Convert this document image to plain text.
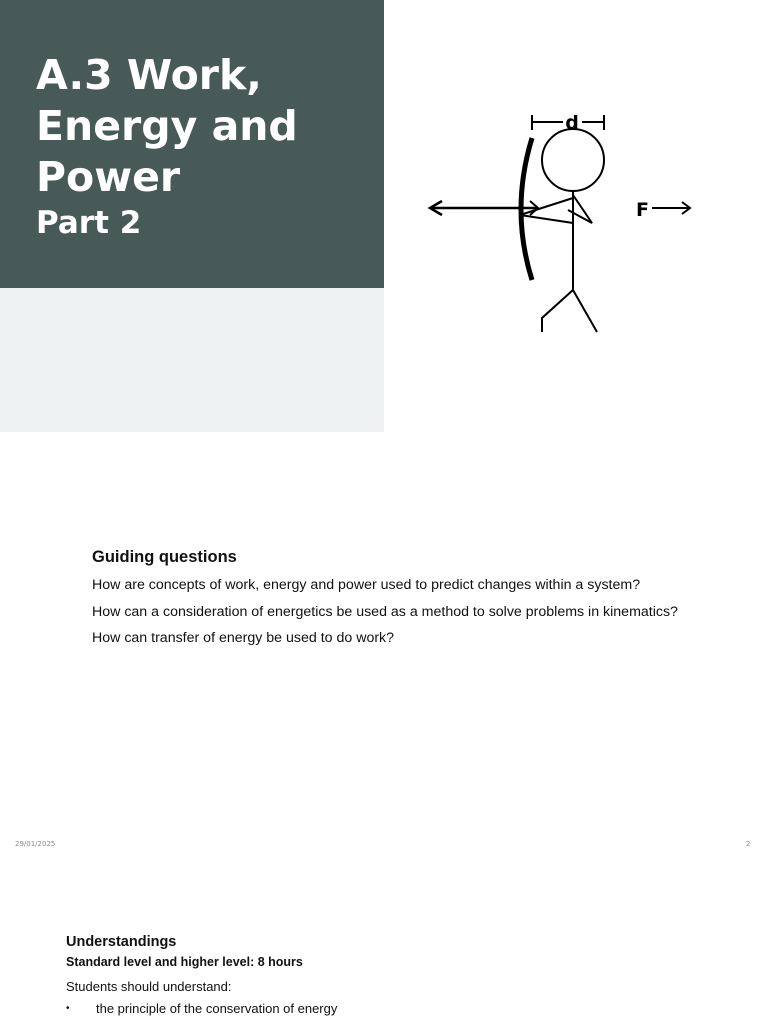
A.3 Work,
Energy and
Power
Part 2
d
F
Guiding questions

How are concepts of work, energy and power used to predict changes within a system?

How can a consideration of energetics be used as a method to solve problems in kinematics?

How can transfer of energy be used to do work?

29/01/2025	2
Understandings
Standard level and higher level: 8 hours
Students should understand:
• the principle of the conservation of energy
